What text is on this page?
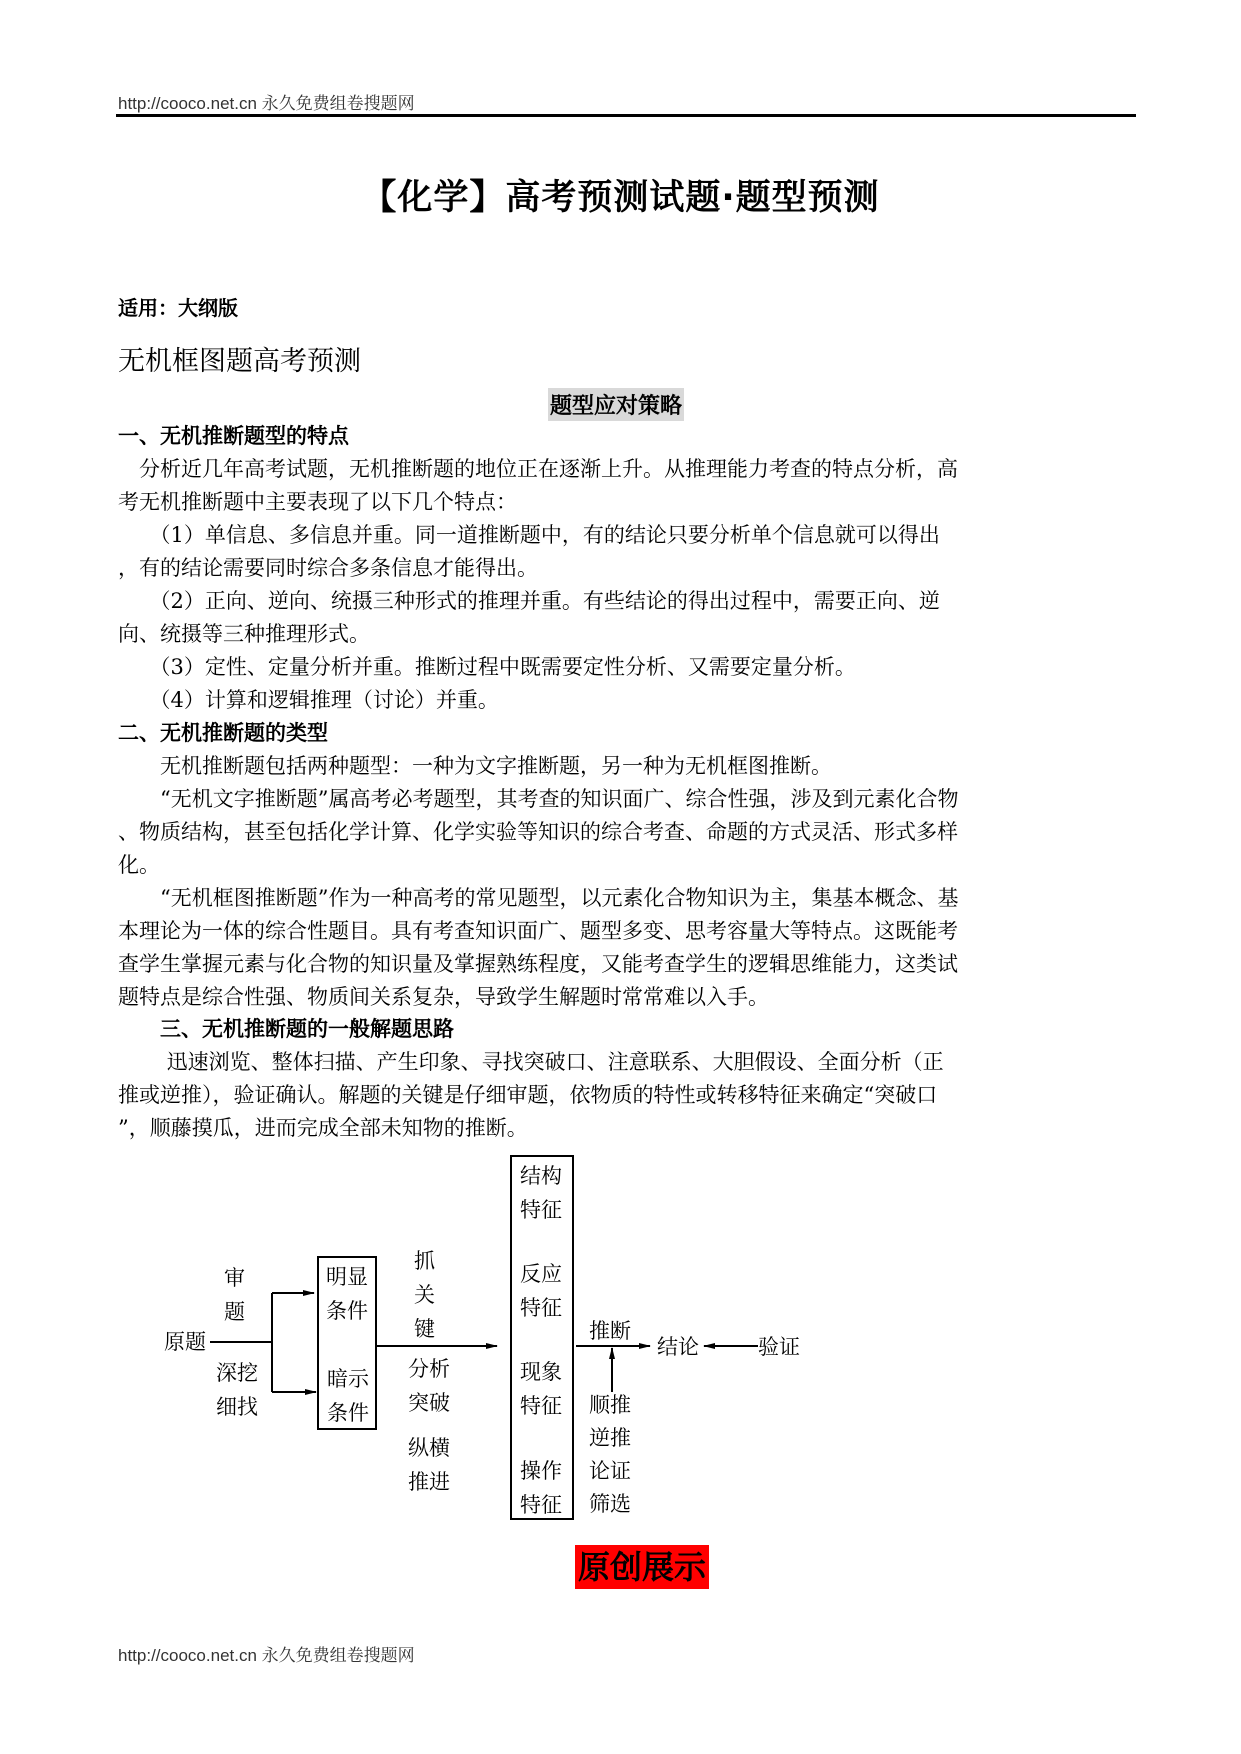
http://cooco.net.cn 永久免费组卷搜题网
【化学】高考预测试题·题型预测
适用：大纲版
无机框图题高考预测
题型应对策略
一、无机推断题型的特点
　分析近几年高考试题，无机推断题的地位正在逐渐上升。从推理能力考查的特点分析，高
考无机推断题中主要表现了以下几个特点：
　　（1）单信息、多信息并重。同一道推断题中，有的结论只要分析单个信息就可以得出
，有的结论需要同时综合多条信息才能得出。
　　（2）正向、逆向、统摄三种形式的推理并重。有些结论的得出过程中，需要正向、逆
向、统摄等三种推理形式。
　　（3）定性、定量分析并重。推断过程中既需要定性分析、又需要定量分析。
　　（4）计算和逻辑推理（讨论）并重。
二、无机推断题的类型
　　无机推断题包括两种题型：一种为文字推断题，另一种为无机框图推断。
　　“无机文字推断题”属高考必考题型，其考查的知识面广、综合性强，涉及到元素化合物
、物质结构，甚至包括化学计算、化学实验等知识的综合考查、命题的方式灵活、形式多样
化。
　　“无机框图推断题”作为一种高考的常见题型，以元素化合物知识为主，集基本概念、基
本理论为一体的综合性题目。具有考查知识面广、题型多变、思考容量大等特点。这既能考
查学生掌握元素与化合物的知识量及掌握熟练程度，又能考查学生的逻辑思维能力，这类试
题特点是综合性强、物质间关系复杂，导致学生解题时常常难以入手。
　　三、无机推断题的一般解题思路
　　 迅速浏览、整体扫描、产生印象、寻找突破口、注意联系、大胆假设、全面分析（正
推或逆推），验证确认。解题的关键是仔细审题，依物质的特性或转移特征来确定“突破口
”，顺藤摸瓜，进而完成全部未知物的推断。
原题
审
题
深挖
细找
明显
条件
暗示
条件
抓
关
键
分析
突破
纵横
推进
结构
特征
反应
特征
现象
特征
操作
特征
推断
顺推
逆推
论证
筛选
结论	验证
原创展示
http://cooco.net.cn 永久免费组卷搜题网
